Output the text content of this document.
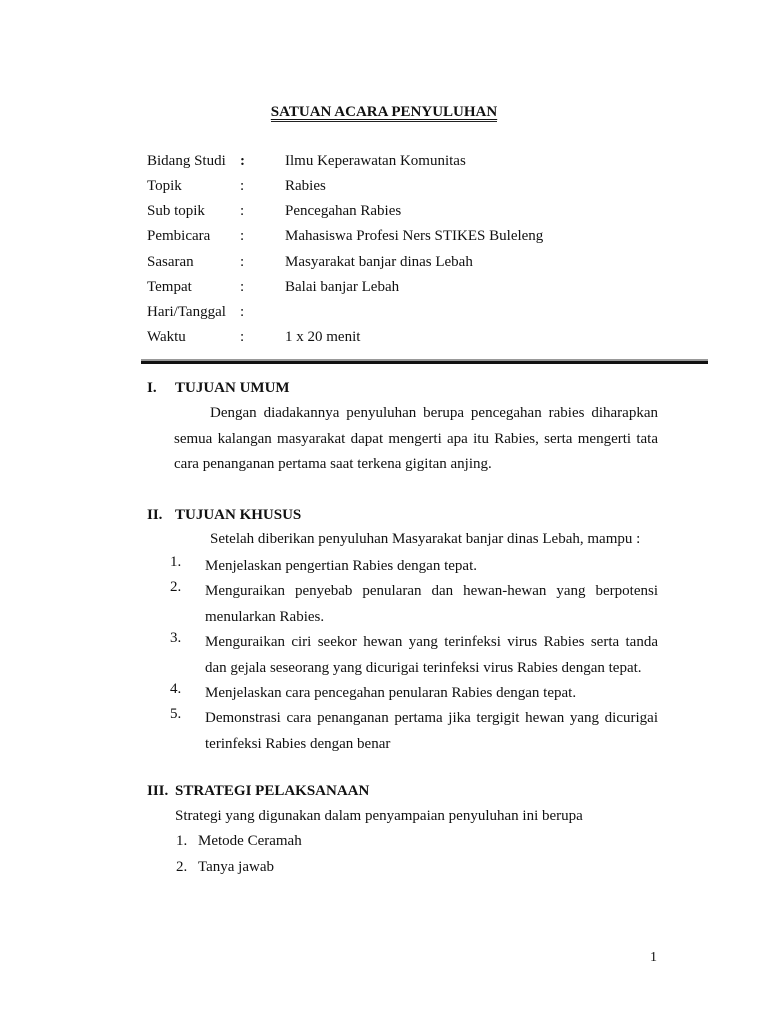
SATUAN ACARA PENYULUHAN
Bidang Studi :	Ilmu Keperawatan Komunitas
Topik	:	Rabies
Sub topik :	Pencegahan Rabies
Pembicara :	Mahasiswa Profesi Ners STIKES Buleleng
Sasaran	:	Masyarakat banjar dinas Lebah
Tempat	:	Balai banjar Lebah
Hari/Tanggal :
Waktu	:	1 x 20 menit
I. TUJUAN UMUM
Dengan diadakannya penyuluhan berupa pencegahan rabies diharapkan semua kalangan masyarakat dapat mengerti apa itu Rabies, serta mengerti tata cara penanganan pertama saat terkena gigitan anjing.
II. TUJUAN KHUSUS
Setelah diberikan penyuluhan Masyarakat banjar dinas Lebah, mampu :
1. Menjelaskan pengertian Rabies dengan tepat.
2. Menguraikan penyebab penularan dan hewan-hewan yang berpotensi menularkan Rabies.
3. Menguraikan ciri seekor hewan yang terinfeksi virus Rabies serta tanda dan gejala seseorang yang dicurigai terinfeksi virus Rabies dengan tepat.
4. Menjelaskan cara pencegahan penularan Rabies dengan tepat.
5. Demonstrasi cara penanganan pertama jika tergigit hewan yang dicurigai terinfeksi Rabies dengan benar
III. STRATEGI PELAKSANAAN
Strategi yang digunakan dalam penyampaian penyuluhan ini berupa
1. Metode Ceramah
2. Tanya jawab
1
